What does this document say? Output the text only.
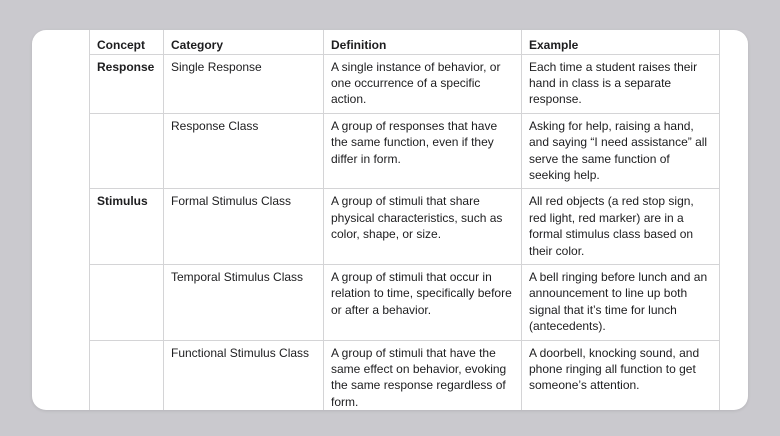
Concept	Category	Definition	Example
Response	Single Response	A single instance of behavior, or one occurrence of a specific action.	Each time a student raises their hand in class is a separate response.
	Response Class	A group of responses that have the same function, even if they differ in form.	Asking for help, raising a hand, and saying “I need assistance” all serve the same function of seeking help.
Stimulus	Formal Stimulus Class	A group of stimuli that share physical characteristics, such as color, shape, or size.	All red objects (a red stop sign, red light, red marker) are in a formal stimulus class based on their color.
	Temporal Stimulus Class	A group of stimuli that occur in relation to time, specifically before or after a behavior.	A bell ringing before lunch and an announcement to line up both signal that it’s time for lunch (antecedents).
	Functional Stimulus Class	A group of stimuli that have the same effect on behavior, evoking the same response regardless of form.	A doorbell, knocking sound, and phone ringing all function to get someone’s attention.
